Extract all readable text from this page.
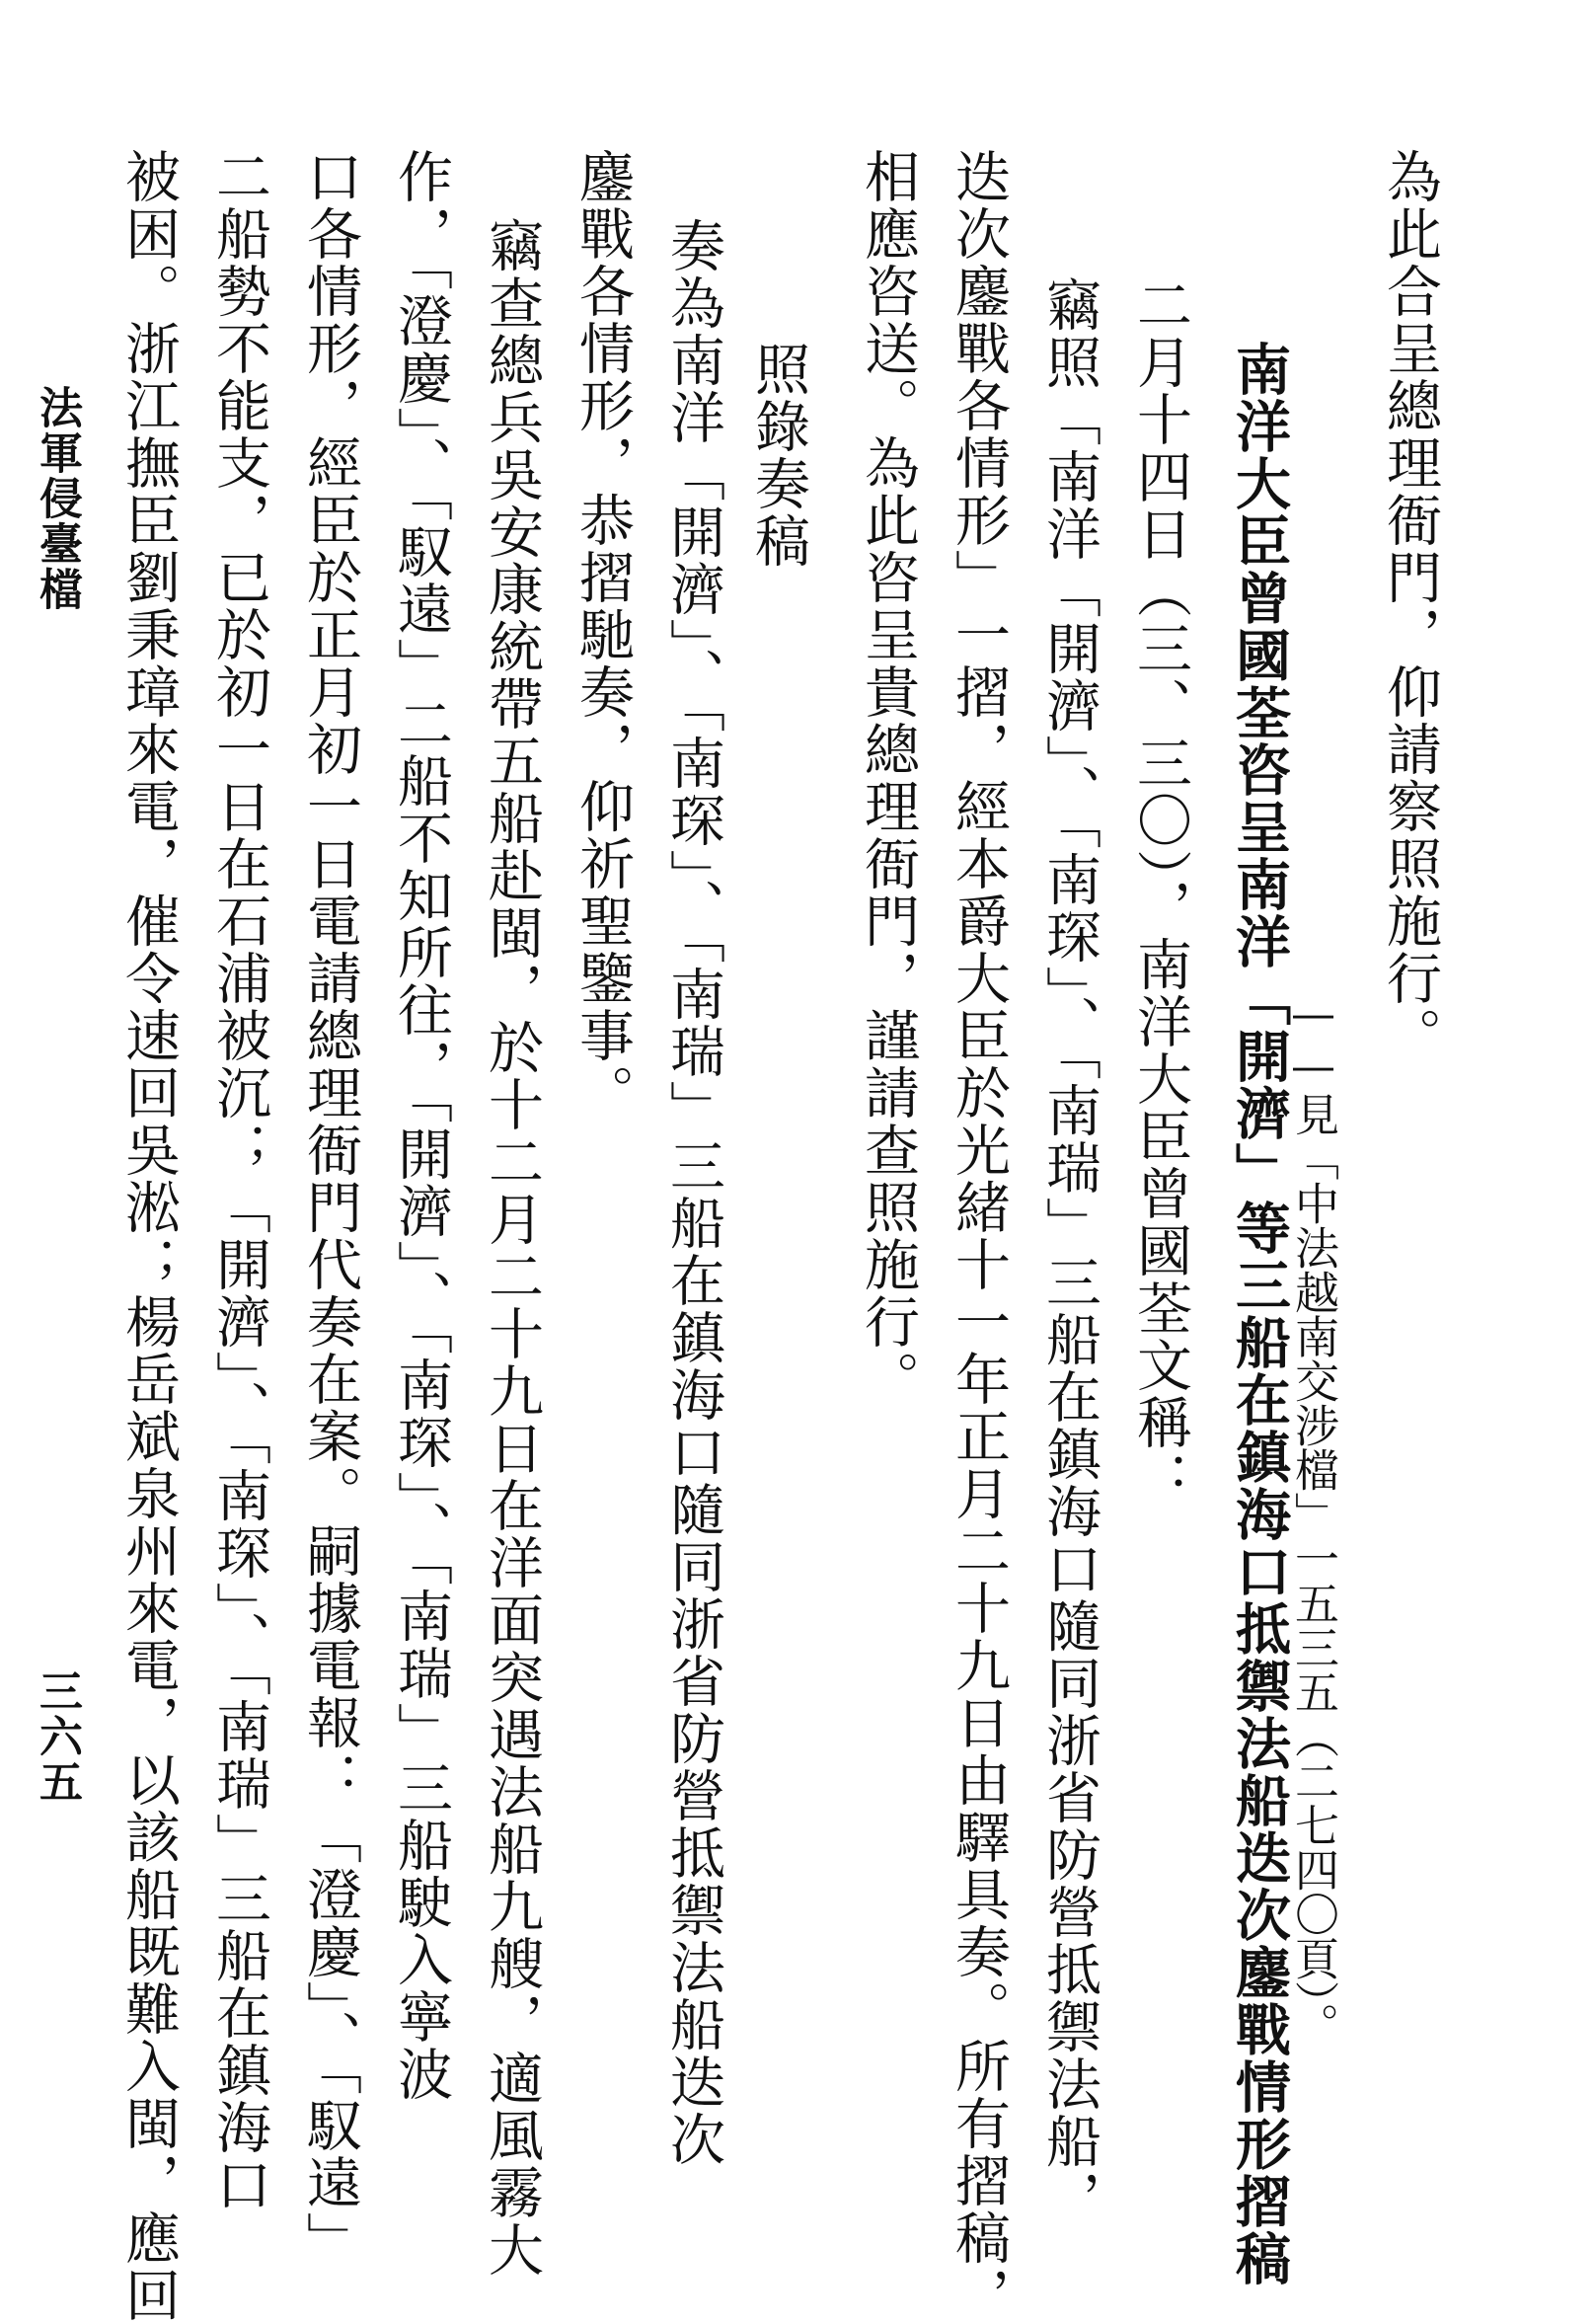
為此合呈總理衙門，仰請察照施行。
——見「中法越南交涉檔」一五三五（二七四〇頁）。
南洋大臣曾國荃咨呈南洋「開濟」等三船在鎮海口抵禦法船迭次鏖戰情形摺稿
二月十四日（三、三〇），南洋大臣曾國荃文稱：
竊照「南洋「開濟」、「南琛」、「南瑞」三船在鎮海口隨同浙省防營抵禦法船，
迭次鏖戰各情形」一摺，經本爵大臣於光緒十一年正月二十九日由驛具奏。所有摺稿，
相應咨送。為此咨呈貴總理衙門，謹請查照施行。
照錄奏稿
奏為南洋「開濟」、「南琛」、「南瑞」三船在鎮海口隨同浙省防營抵禦法船迭次
鏖戰各情形，恭摺馳奏，仰祈聖鑒事。
竊查總兵吳安康統帶五船赴閩，於十二月二十九日在洋面突遇法船九艘，適風霧大
作，「澄慶」、「馭遠」二船不知所往，「開濟」、「南琛」、「南瑞」三船駛入寧波
口各情形，經臣於正月初一日電請總理衙門代奏在案。嗣據電報：「澄慶」、「馭遠」
二船勢不能支，已於初一日在石浦被沉；「開濟」、「南琛」、「南瑞」三船在鎮海口
被困。浙江撫臣劉秉璋來電，催令速回吳淞；楊岳斌泉州來電，以該船既難入閩，應回
法軍侵臺檔
三六五
